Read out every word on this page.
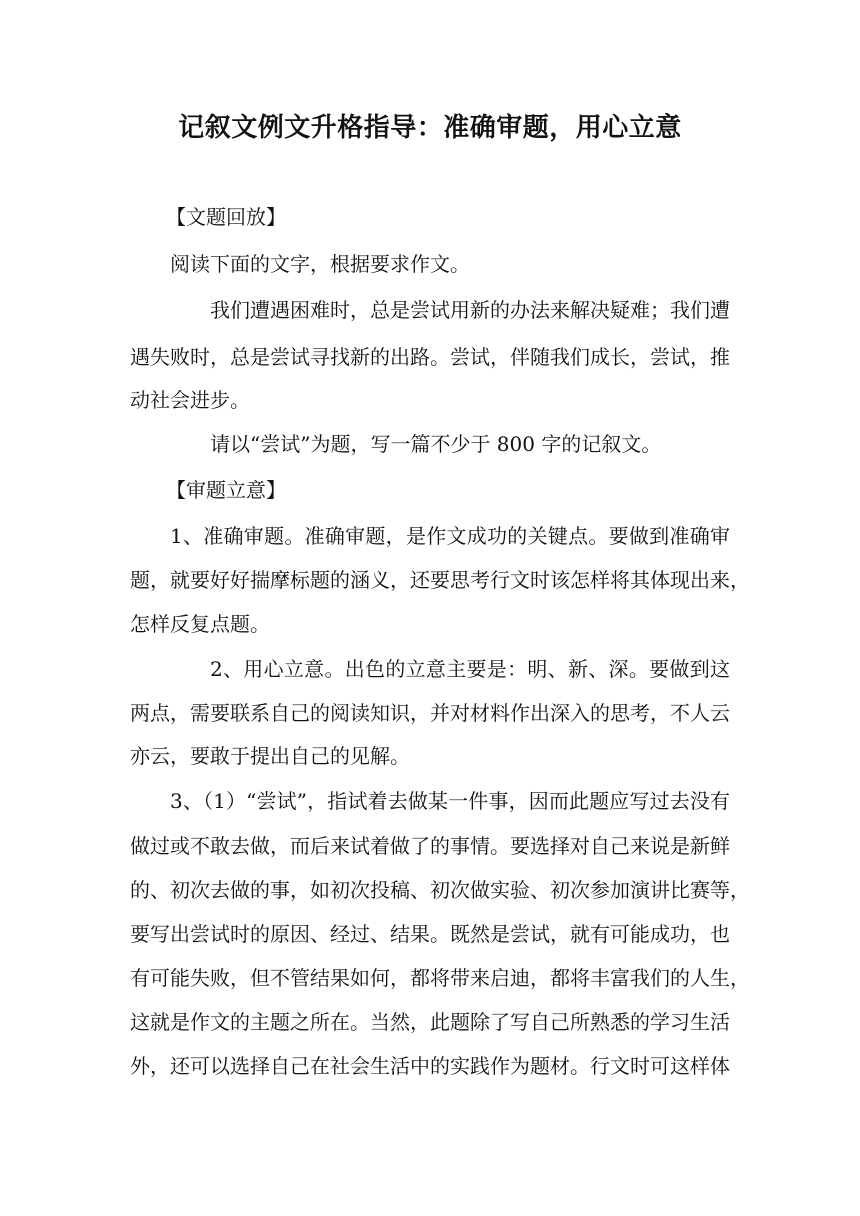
记叙文例文升格指导：准确审题，用心立意
【文题回放】
阅读下面的文字，根据要求作文。
我们遭遇困难时，总是尝试用新的办法来解决疑难；我们遭
遇失败时，总是尝试寻找新的出路。尝试，伴随我们成长，尝试，推
动社会进步。
请以“尝试”为题，写一篇不少于 800 字的记叙文。
【审题立意】
1、准确审题。准确审题，是作文成功的关键点。要做到准确审
题，就要好好揣摩标题的涵义，还要思考行文时该怎样将其体现出来，
怎样反复点题。
2、用心立意。出色的立意主要是：明、新、深。要做到这
两点，需要联系自己的阅读知识，并对材料作出深入的思考，不人云
亦云，要敢于提出自己的见解。
3、（1）“尝试”，指试着去做某一件事，因而此题应写过去没有
做过或不敢去做，而后来试着做了的事情。要选择对自己来说是新鲜
的、初次去做的事，如初次投稿、初次做实验、初次参加演讲比赛等，
要写出尝试时的原因、经过、结果。既然是尝试，就有可能成功，也
有可能失败，但不管结果如何，都将带来启迪，都将丰富我们的人生，
这就是作文的主题之所在。当然，此题除了写自己所熟悉的学习生活
外，还可以选择自己在社会生活中的实践作为题材。行文时可这样体
